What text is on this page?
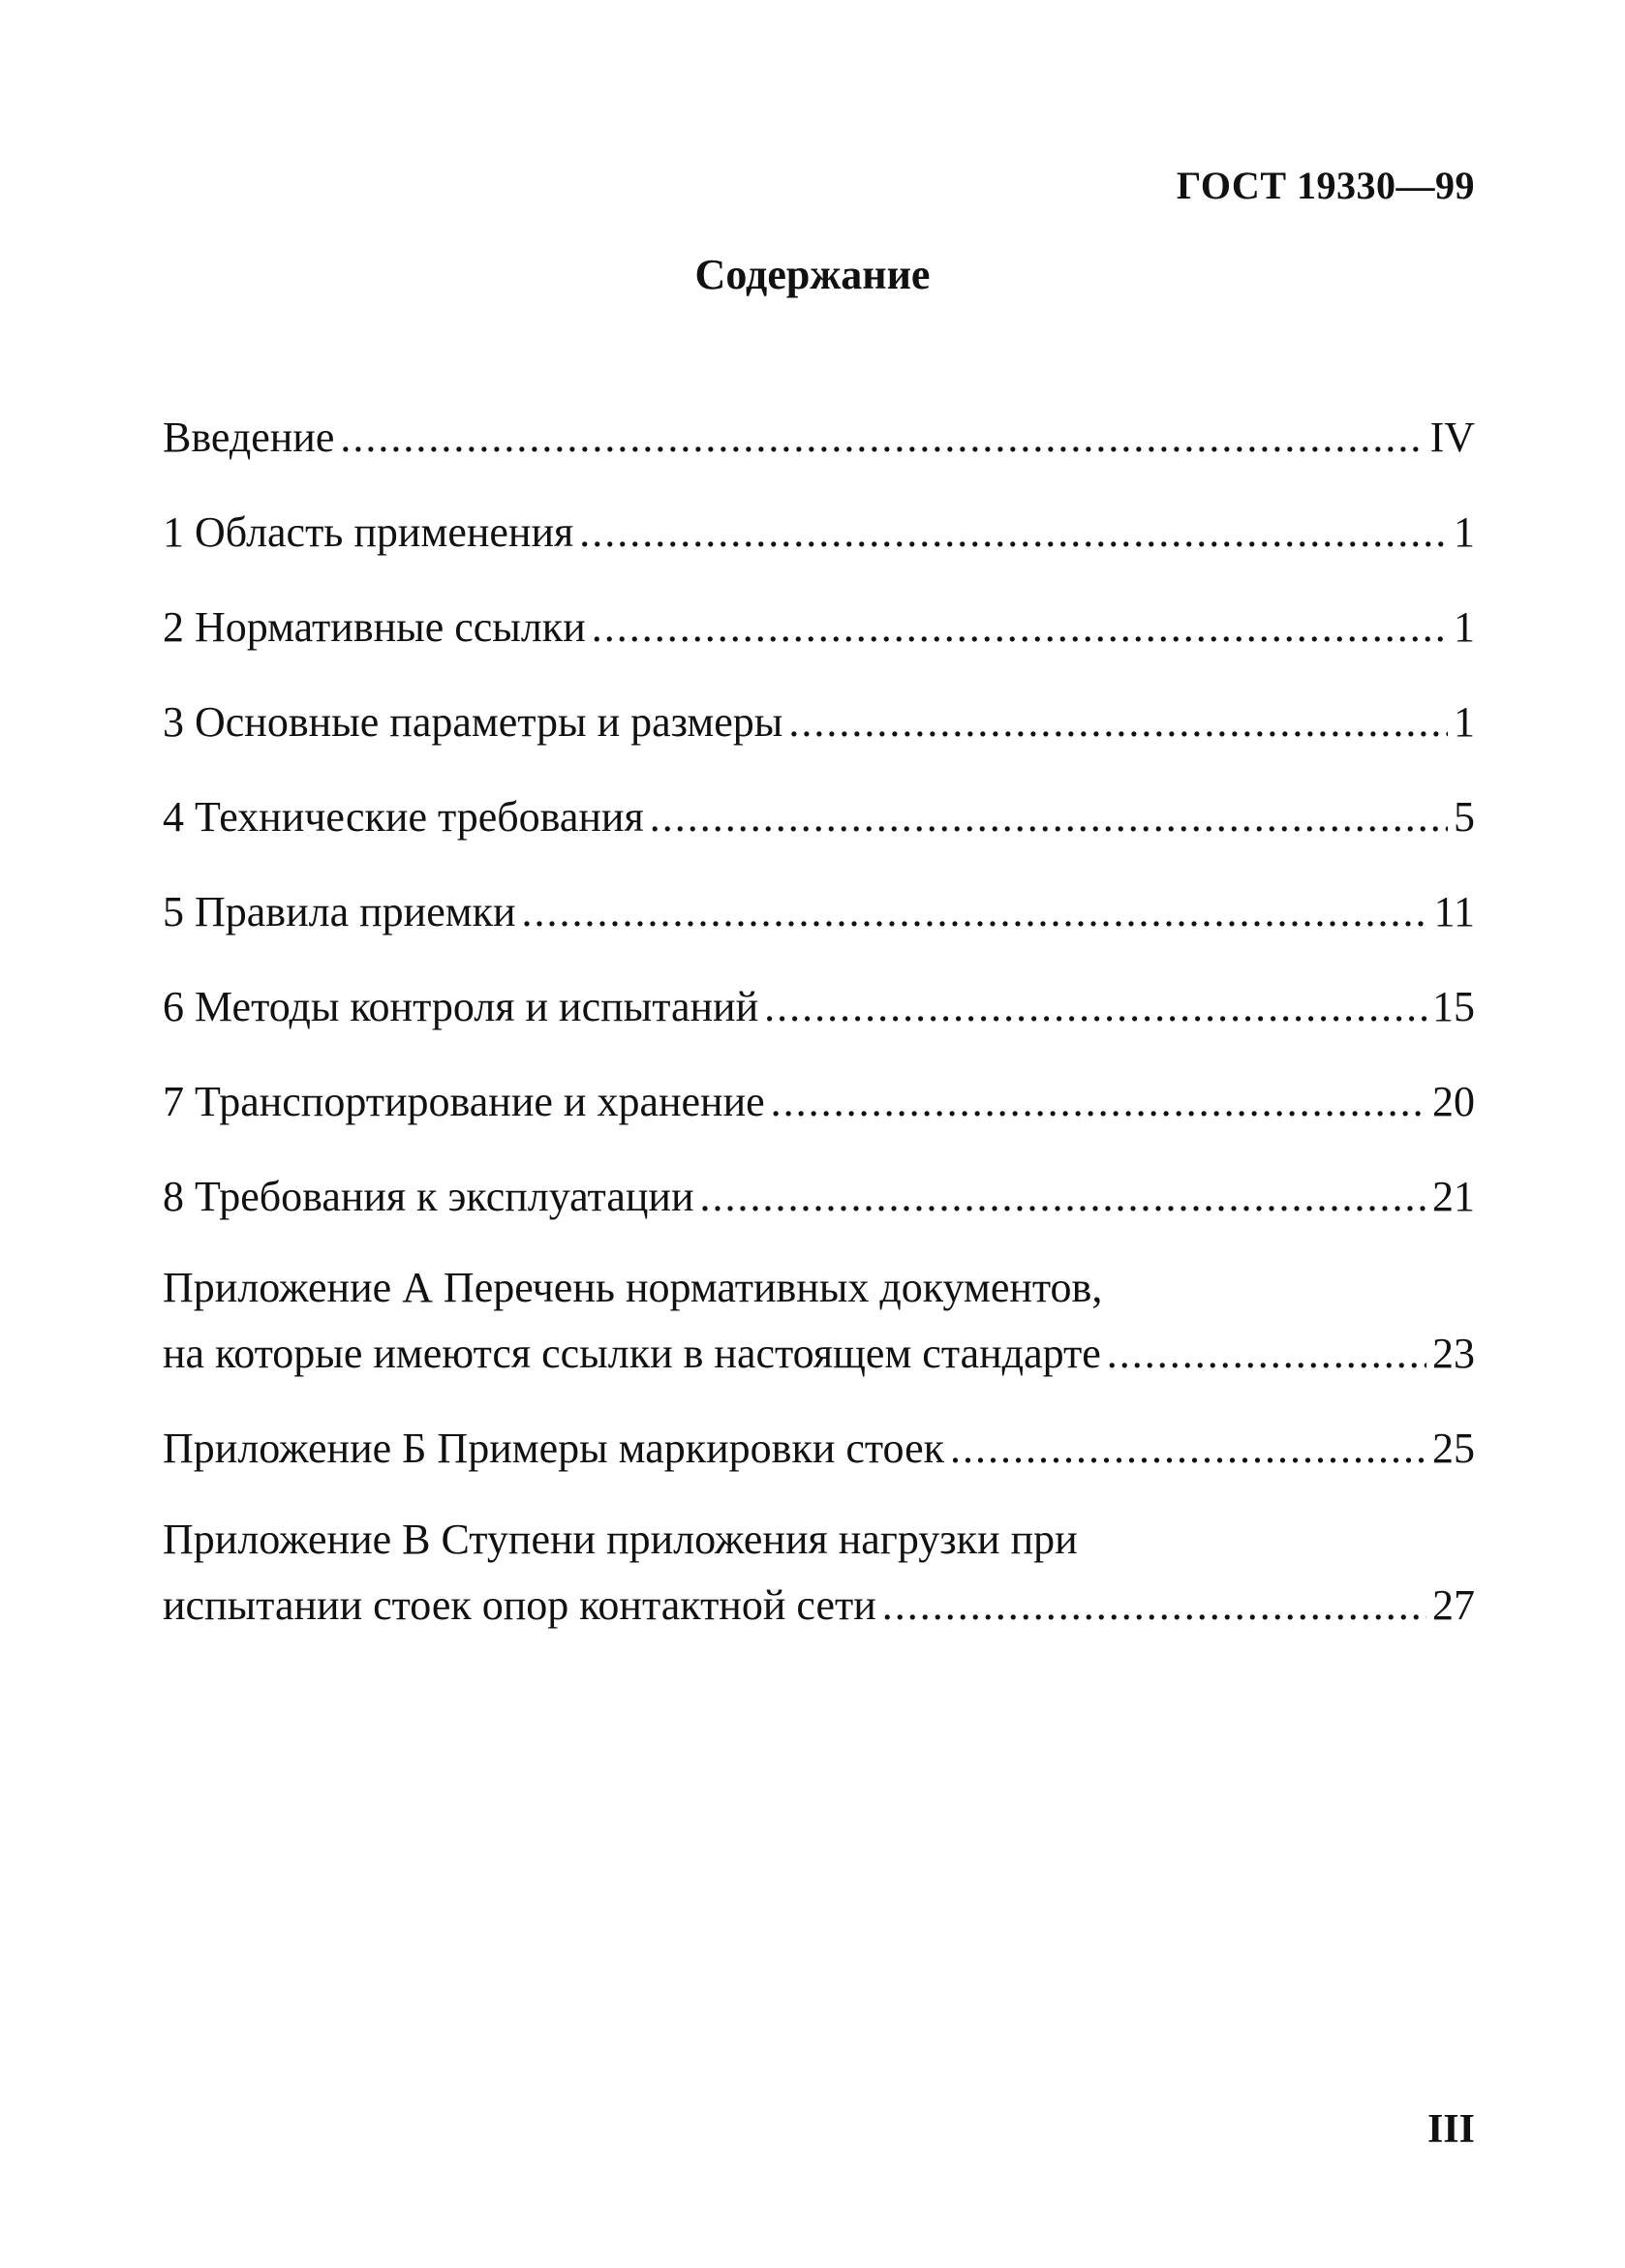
ГОСТ 19330—99
Содержание
Введение .....	IV
1 Область применения .....	1
2 Нормативные ссылки .....	1
3 Основные параметры и размеры .....	1
4 Технические требования .....	5
5 Правила приемки .....	11
6 Методы контроля и испытаний .....	15
7 Транспортирование и хранение .....	20
8 Требования к эксплуатации .....	21
Приложение А Перечень нормативных документов,
на которые имеются ссылки в настоящем стандарте .....	23
Приложение Б Примеры маркировки стоек .....	25
Приложение В Ступени приложения нагрузки при
испытании стоек опор контактной сети .....	27
III
